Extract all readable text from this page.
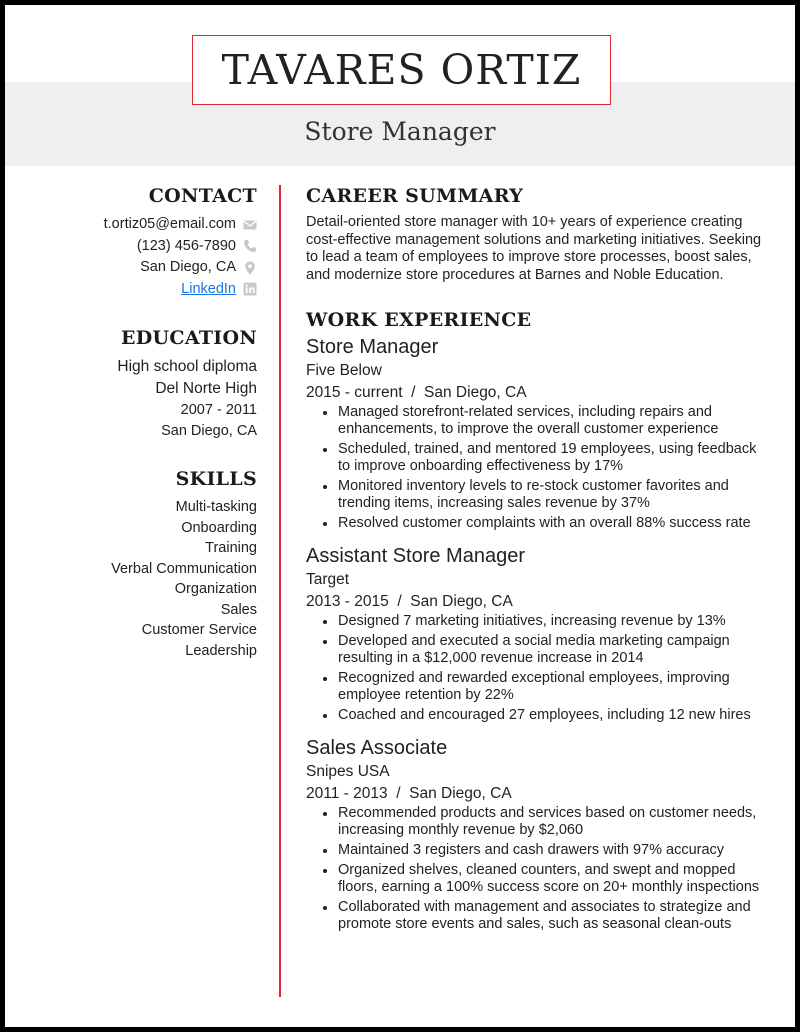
TAVARES ORTIZ
Store Manager
CONTACT
t.ortiz05@email.com
(123) 456-7890
San Diego, CA
LinkedIn
EDUCATION
High school diploma
Del Norte High
2007 - 2011
San Diego, CA
SKILLS
Multi-tasking
Onboarding
Training
Verbal Communication
Organization
Sales
Customer Service
Leadership
CAREER SUMMARY
Detail-oriented store manager with 10+ years of experience creating cost-effective management solutions and marketing initiatives. Seeking to lead a team of employees to improve store processes, boost sales, and modernize store procedures at Barnes and Noble Education.
WORK EXPERIENCE
Store Manager
Five Below
2015 - current  /  San Diego, CA
Managed storefront-related services, including repairs and enhancements, to improve the overall customer experience
Scheduled, trained, and mentored 19 employees, using feedback to improve onboarding effectiveness by 17%
Monitored inventory levels to re-stock customer favorites and trending items, increasing sales revenue by 37%
Resolved customer complaints with an overall 88% success rate
Assistant Store Manager
Target
2013 - 2015  /  San Diego, CA
Designed 7 marketing initiatives, increasing revenue by 13%
Developed and executed a social media marketing campaign resulting in a $12,000 revenue increase in 2014
Recognized and rewarded exceptional employees, improving employee retention by 22%
Coached and encouraged 27 employees, including 12 new hires
Sales Associate
Snipes USA
2011 - 2013  /  San Diego, CA
Recommended products and services based on customer needs, increasing monthly revenue by $2,060
Maintained 3 registers and cash drawers with 97% accuracy
Organized shelves, cleaned counters, and swept and mopped floors, earning a 100% success score on 20+ monthly inspections
Collaborated with management and associates to strategize and promote store events and sales, such as seasonal clean-outs
